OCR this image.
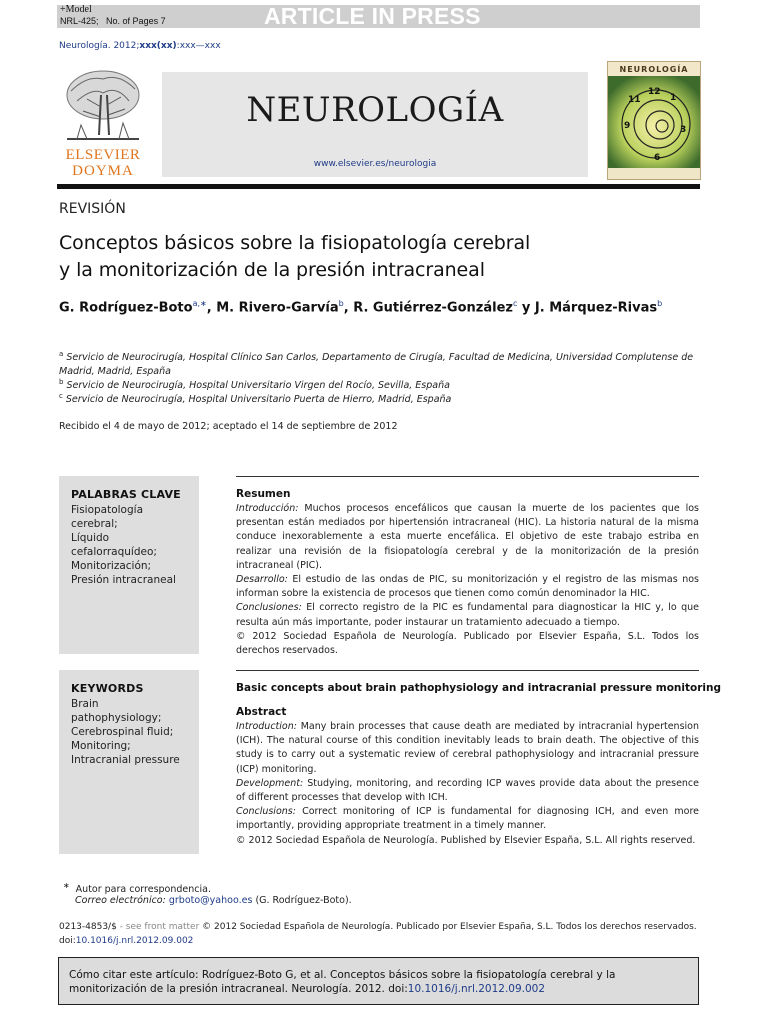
+Model
NRL-425; No. of Pages 7	ARTICLE IN PRESS
Neurología. 2012;xxx(xx):xxx—xxx
ELSEVIER
DOYMA
NEUROLOGÍA
www.elsevier.es/neurologia
NEUROLOGÍA
11
12
1
9	3
6
REVISIÓN
Conceptos básicos sobre la fisiopatología cerebral
y la monitorización de la presión intracraneal
G. Rodríguez-Boto$^{a,∗}$, M. Rivero-Garvía$^b$, R. Gutiérrez-González$^c$ y J. Márquez-Rivas$^b$
$^a$ Servicio de Neurocirugía, Hospital Clínico San Carlos, Departamento de Cirugía, Facultad de Medicina, Universidad Complutense de Madrid, Madrid, España
$^b$ Servicio de Neurocirugía, Hospital Universitario Virgen del Rocío, Sevilla, España
$^c$ Servicio de Neurocirugía, Hospital Universitario Puerta de Hierro, Madrid, España
Recibido el 4 de mayo de 2012; aceptado el 14 de septiembre de 2012
PALABRAS CLAVE
Fisiopatología
cerebral;
Líquido
cefalorraquídeo;
Monitorización;
Presión intracraneal
Resumen
Introducción: Muchos procesos encefálicos que causan la muerte de los pacientes que los presentan están mediados por hipertensión intracraneal (HIC). La historia natural de la misma conduce inexorablemente a esta muerte encefálica. El objetivo de este trabajo estriba en realizar una revisión de la fisiopatología cerebral y de la monitorización de la presión intracraneal (PIC).
Desarrollo: El estudio de las ondas de PIC, su monitorización y el registro de las mismas nos informan sobre la existencia de procesos que tienen como común denominador la HIC.
Conclusiones: El correcto registro de la PIC es fundamental para diagnosticar la HIC y, lo que resulta aún más importante, poder instaurar un tratamiento adecuado a tiempo.
© 2012 Sociedad Española de Neurología. Publicado por Elsevier España, S.L. Todos los derechos reservados.
KEYWORDS
Brain
pathophysiology;
Cerebrospinal fluid;
Monitoring;
Intracranial pressure
Basic concepts about brain pathophysiology and intracranial pressure monitoring
Abstract
Introduction: Many brain processes that cause death are mediated by intracranial hypertension (ICH). The natural course of this condition inevitably leads to brain death. The objective of this study is to carry out a systematic review of cerebral pathophysiology and intracranial pressure (ICP) monitoring.
Development: Studying, monitoring, and recording ICP waves provide data about the presence of different processes that develop with ICH.
Conclusions: Correct monitoring of ICP is fundamental for diagnosing ICH, and even more importantly, providing appropriate treatment in a timely manner.
© 2012 Sociedad Española de Neurología. Published by Elsevier España, S.L. All rights reserved.
∗ Autor para correspondencia.
Correo electrónico: grboto@yahoo.es (G. Rodríguez-Boto).
0213-4853/$ - see front matter © 2012 Sociedad Española de Neurología. Publicado por Elsevier España, S.L. Todos los derechos reservados.
doi:10.1016/j.nrl.2012.09.002
Cómo citar este artículo: Rodríguez-Boto G, et al. Conceptos básicos sobre la fisiopatología cerebral y la monitorización de la presión intracraneal. Neurología. 2012. doi:10.1016/j.nrl.2012.09.002
